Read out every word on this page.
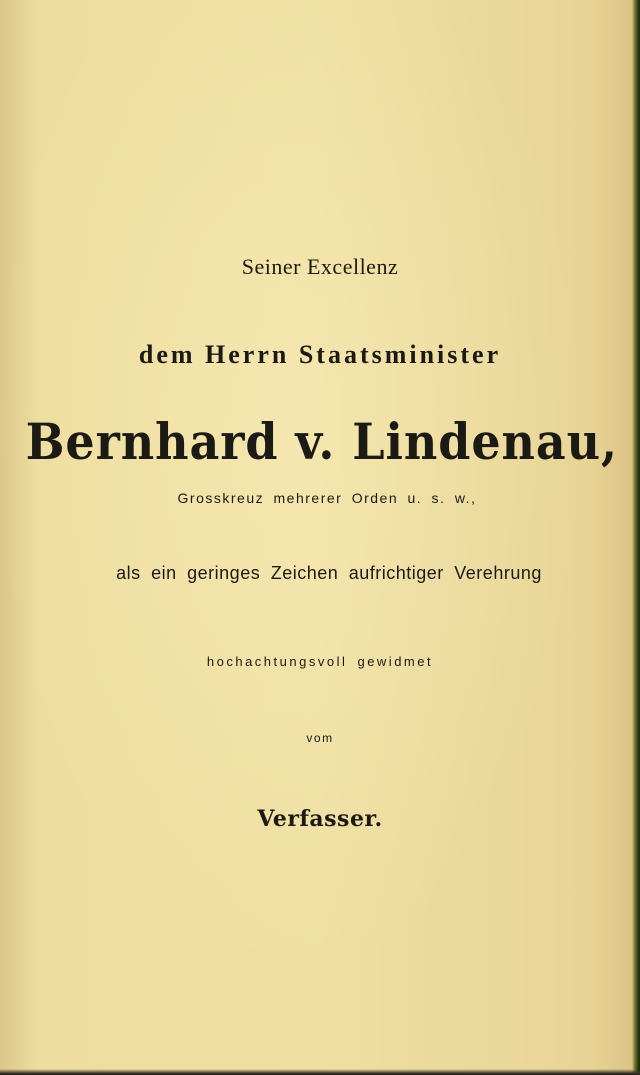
Seiner Excellenz
dem Herrn Staatsminister
Bernhard v. Lindenau,
Grosskreuz mehrerer Orden u. s. w.,
als ein geringes Zeichen aufrichtiger Verehrung
hochachtungsvoll gewidmet
vom
Verfasser.
